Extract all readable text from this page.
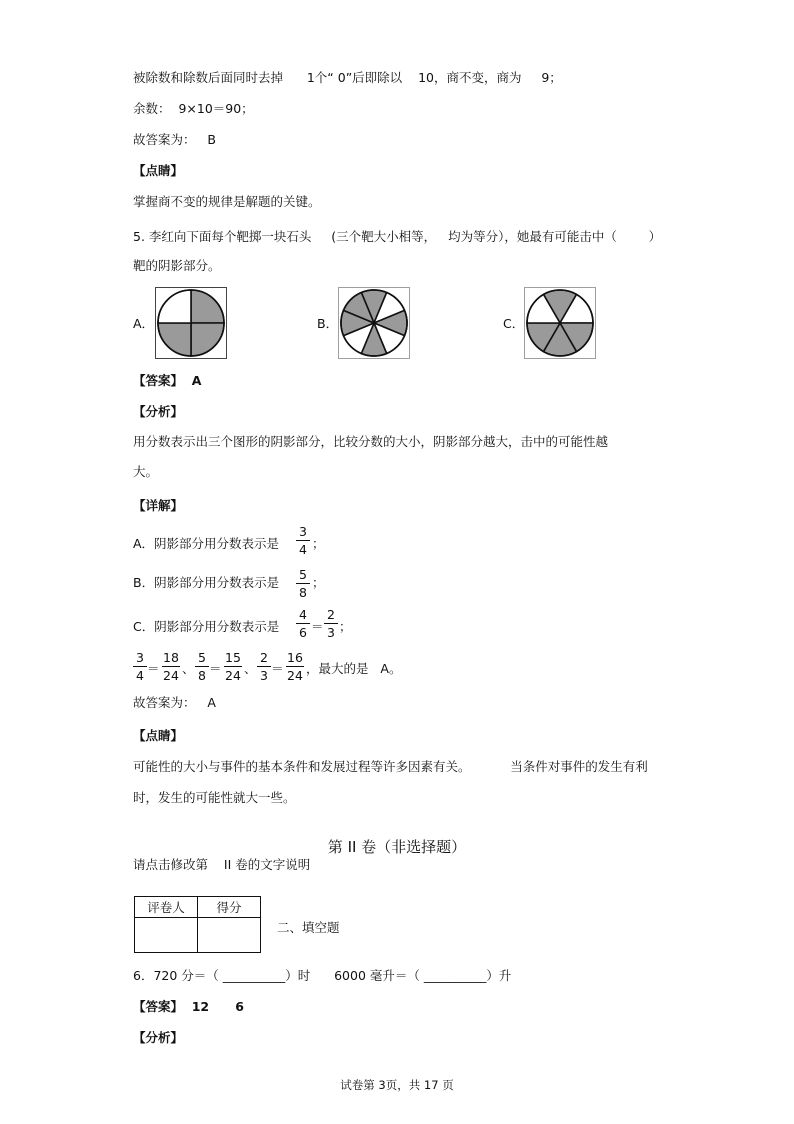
被除数和除数后面同时去掉      1个“ 0”后即除以    10，商不变，商为     9；
余数：  9×10＝90；
故答案为：   B
【点睛】
掌握商不变的规律是解题的关键。
5. 李红向下面每个靶掷一块石头     (三个靶大小相等，   均为等分），她最有可能击中（        ）
靶的阴影部分。
A．	B．	C．
【答案】  A
【分析】
用分数表示出三个图形的阴影部分，比较分数的大小，阴影部分越大，击中的可能性越
大。
【详解】
A．阴影部分用分数表示是 $\frac{3}{4}$ ；
B．阴影部分用分数表示是 $\frac{5}{8}$ ；
C．阴影部分用分数表示是 $\frac{4}{6} = \frac{2}{3}$ ；
$\frac{3}{4} = \frac{18}{24}$ 、 $\frac{5}{8} = \frac{15}{24}$ 、 $\frac{2}{3} = \frac{16}{24}$ ，最大的是   A。
故答案为：   A
【点睛】
可能性的大小与事件的基本条件和发展过程等许多因素有关。          当条件对事件的发生有利
时，发生的可能性就大一些。
第 II 卷（非选择题）
请点击修改第    II 卷的文字说明
评卷人	得分

二、填空题
6．720 分＝（ __________）时      6000 毫升＝（ __________）升
【答案】  12      6
【分析】
试卷第 3页，共 17 页
